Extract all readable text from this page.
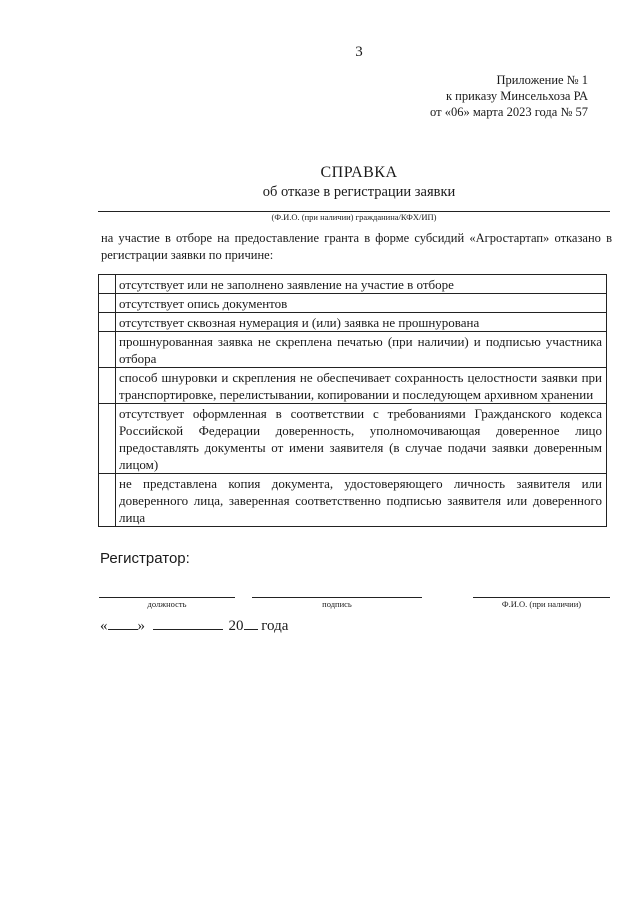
3
Приложение № 1
к приказу Минсельхоза РА
от «06» марта 2023 года № 57
СПРАВКА
об отказе в регистрации заявки
(Ф.И.О. (при наличии) гражданина/КФХ/ИП)
на участие в отборе на предоставление гранта в форме субсидий «Агростартап» отказано в регистрации заявки по причине:
	отсутствует или не заполнено заявление на участие в отборе
	отсутствует опись документов
	отсутствует сквозная нумерация и (или) заявка не прошнурована
	прошнурованная заявка не скреплена печатью (при наличии) и подписью участника отбора
	способ шнуровки и скрепления не обеспечивает сохранность целостности заявки при транспортировке, перелистывании, копировании и последующем архивном хранении
	отсутствует оформленная в соответствии с требованиями Гражданского кодекса Российской Федерации доверенность, уполномочивающая доверенное лицо предоставлять документы от имени заявителя (в случае подачи заявки доверенным лицом)
	не представлена копия документа, удостоверяющего личность заявителя или доверенного лица, заверенная соответственно подписью заявителя или доверенного лица
Регистратор:
должность	подпись	Ф.И.О. (при наличии)
« »	20 года
